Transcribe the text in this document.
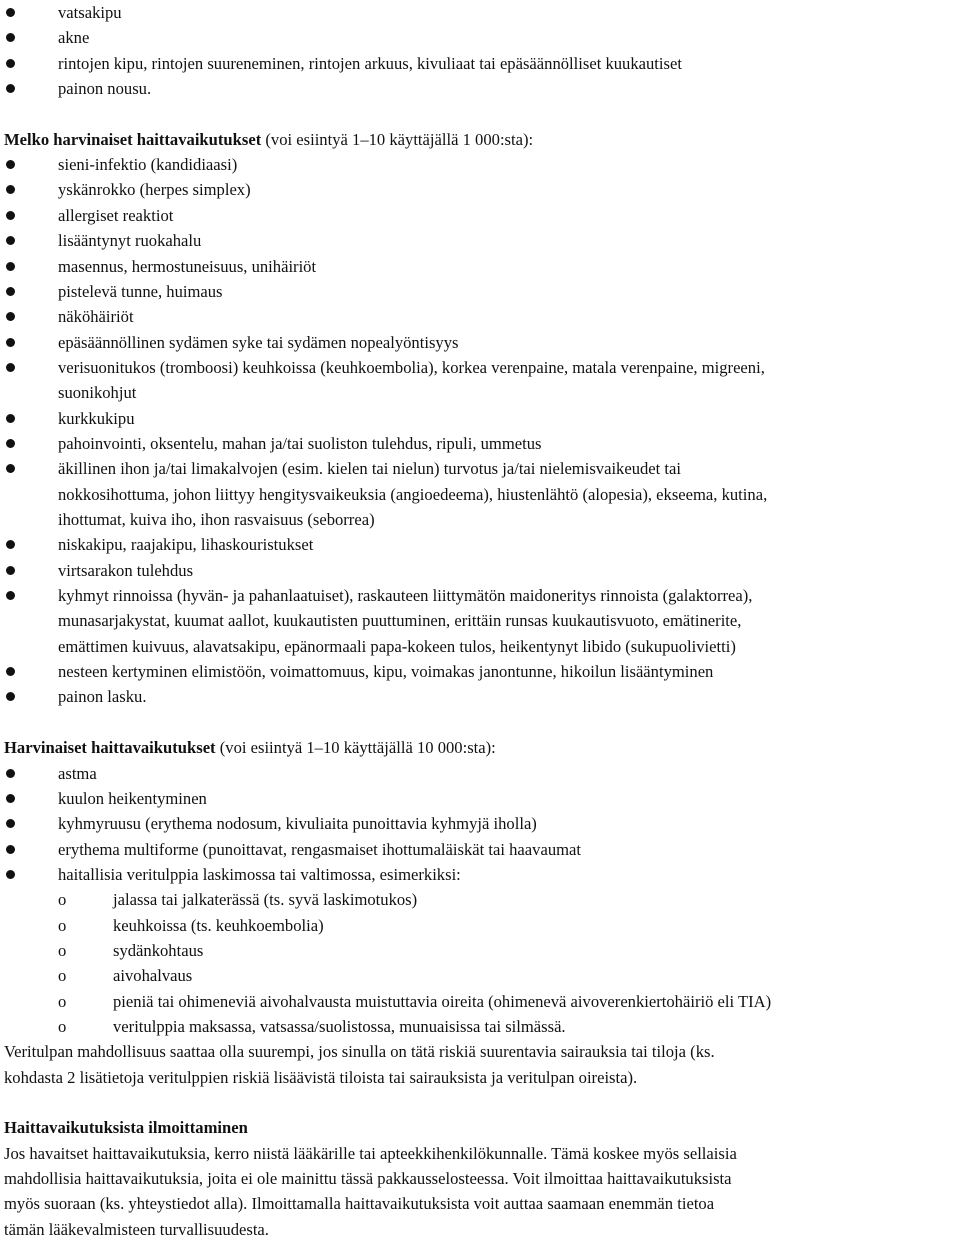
vatsakipu
akne
rintojen kipu, rintojen suureneminen, rintojen arkuus, kivuliaat tai epäsäännölliset kuukautiset
painon nousu.
Melko harvinaiset haittavaikutukset (voi esiintyä 1–10 käyttäjällä 1 000:sta):
sieni-infektio (kandidiaasi)
yskänrokko (herpes simplex)
allergiset reaktiot
lisääntynyt ruokahalu
masennus, hermostuneisuus, unihäiriöt
pistelevä tunne, huimaus
näköhäiriöt
epäsäännöllinen sydämen syke tai sydämen nopealyöntisyys
verisuonitukos (tromboosi) keuhkoissa (keuhkoembolia), korkea verenpaine, matala verenpaine, migreeni,
suonikohjut
kurkkukipu
pahoinvointi, oksentelu, mahan ja/tai suoliston tulehdus, ripuli, ummetus
äkillinen ihon ja/tai limakalvojen (esim. kielen tai nielun) turvotus ja/tai nielemisvaikeudet tai
nokkosihottuma, johon liittyy hengitysvaikeuksia (angioedeema), hiustenlähtö (alopesia), ekseema, kutina,
ihottumat, kuiva iho, ihon rasvaisuus (seborrea)
niskakipu, raajakipu, lihaskouristukset
virtsarakon tulehdus
kyhmyt rinnoissa (hyvän- ja pahanlaatuiset), raskauteen liittymätön maidoneritys rinnoista (galaktorrea),
munasarjakystat, kuumat aallot, kuukautisten puuttuminen, erittäin runsas kuukautisvuoto, emätinerite,
emättimen kuivuus, alavatsakipu, epänormaali papa-kokeen tulos, heikentynyt libido (sukupuolivietti)
nesteen kertyminen elimistöön, voimattomuus, kipu, voimakas janontunne, hikoilun lisääntyminen
painon lasku.
Harvinaiset haittavaikutukset (voi esiintyä 1–10 käyttäjällä 10 000:sta):
astma
kuulon heikentyminen
kyhmyruusu (erythema nodosum, kivuliaita punoittavia kyhmyjä iholla)
erythema multiforme (punoittavat, rengasmaiset ihottumaläiskät tai haavaumat
haitallisia veritulppia laskimossa tai valtimossa, esimerkiksi:
o	jalassa tai jalkaterässä (ts. syvä laskimotukos)
o	keuhkoissa (ts. keuhkoembolia)
o	sydänkohtaus
o	aivohalvaus
o	pieniä tai ohimeneviä aivohalvausta muistuttavia oireita (ohimenevä aivoverenkiertohäiriö eli TIA)
o	veritulppia maksassa, vatsassa/suolistossa, munuaisissa tai silmässä.
Veritulpan mahdollisuus saattaa olla suurempi, jos sinulla on tätä riskiä suurentavia sairauksia tai tiloja (ks.
kohdasta 2 lisätietoja veritulppien riskiä lisäävistä tiloista tai sairauksista ja veritulpan oireista).
Haittavaikutuksista ilmoittaminen
Jos havaitset haittavaikutuksia, kerro niistä lääkärille tai apteekkihenkilökunnalle. Tämä koskee myös sellaisia
mahdollisia haittavaikutuksia, joita ei ole mainittu tässä pakkausselosteessa. Voit ilmoittaa haittavaikutuksista
myös suoraan (ks. yhteystiedot alla). Ilmoittamalla haittavaikutuksista voit auttaa saamaan enemmän tietoa
tämän lääkevalmisteen turvallisuudesta.
